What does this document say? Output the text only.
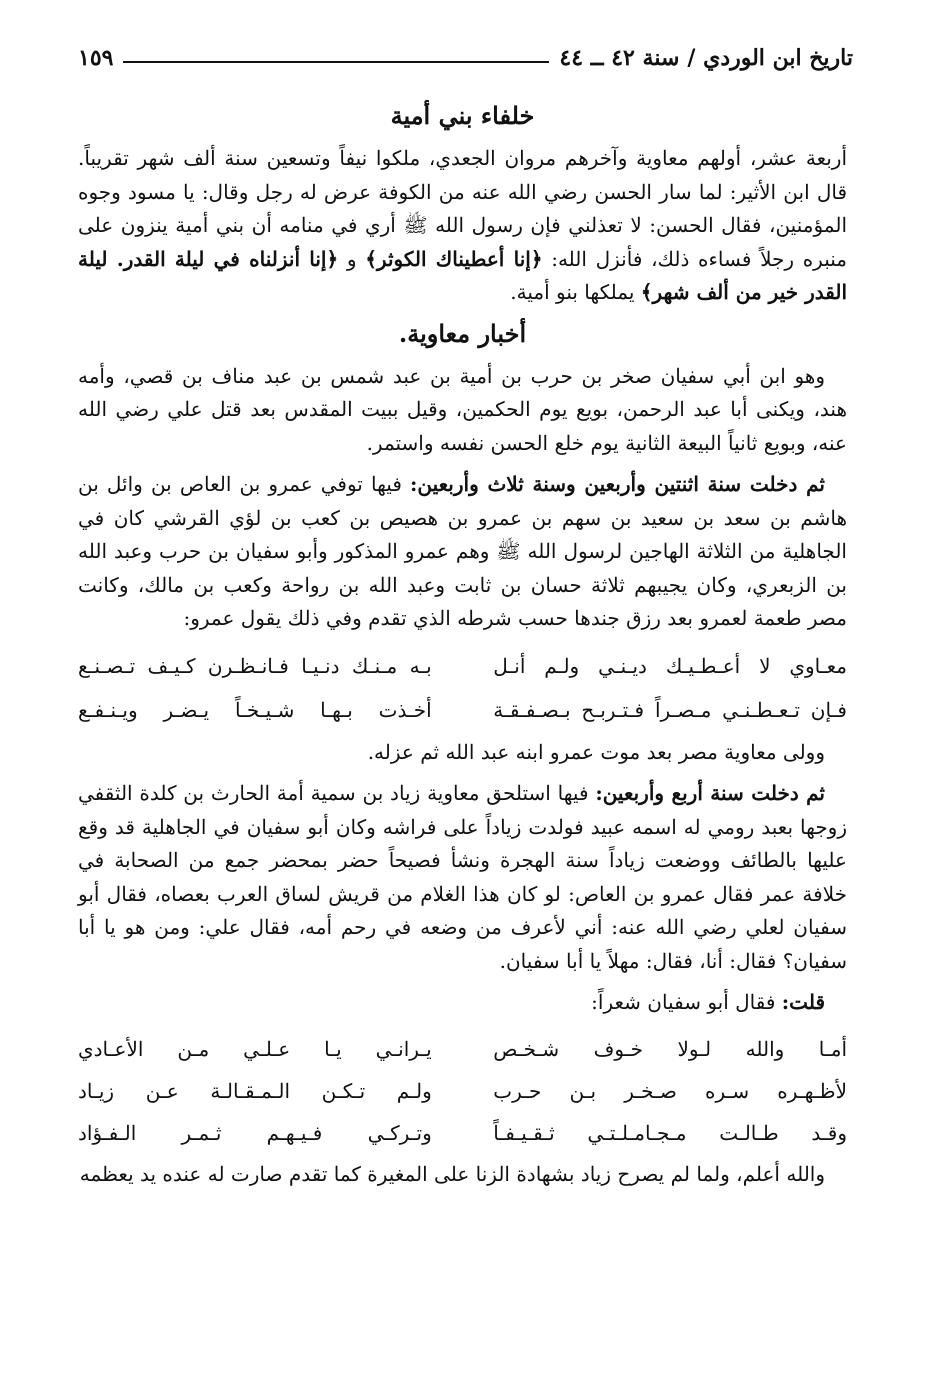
تاريخ ابن الوردي /
سنة ٤٢ ــ ٤٤
١٥٩
خلفاء بني أمية

أربعة عشر، أولهم معاوية وآخرهم مروان الجعدي، ملكوا نيفاً وتسعين سنة ألف شهر تقريباً. قال ابن الأثير: لما سار الحسن رضي الله عنه من الكوفة عرض له رجل وقال: يا مسود وجوه المؤمنين، فقال الحسن: لا تعذلني فإن رسول الله ﷺ أري في منامه أن بني أمية ينزون على منبره رجلاً فساءه ذلك، فأنزل الله: ﴿إنا أعطيناك الكوثر﴾ و ﴿إنا أنزلناه في ليلة القدر. ليلة القدر خير من ألف شهر﴾ يملكها بنو أمية.

أخبار معاوية.

وهو ابن أبي سفيان صخر بن حرب بن أمية بن عبد شمس بن عبد مناف بن قصي، وأمه هند، ويكنى أبا عبد الرحمن، بويع يوم الحكمين، وقيل ببيت المقدس بعد قتل علي رضي الله عنه، وبويع ثانياً البيعة الثانية يوم خلع الحسن نفسه واستمر.

ثم دخلت سنة اثنتين وأربعين وسنة ثلاث وأربعين: فيها توفي عمرو بن العاص بن وائل بن هاشم بن سعد بن سعيد بن سهم بن عمرو بن هصيص بن كعب بن لؤي القرشي كان في الجاهلية من الثلاثة الهاجين لرسول الله ﷺ وهم عمرو المذكور وأبو سفيان بن حرب وعبد الله بن الزبعري، وكان يجيبهم ثلاثة حسان بن ثابت وعبد الله بن رواحة وكعب بن مالك، وكانت مصر طعمة لعمرو بعد رزق جندها حسب شرطه الذي تقدم وفي ذلك يقول عمرو:

معـاوي لا أعـطـيـك ديـنـي ولـم أنـل
بـه مـنـك دنـيـا فـانـظـرن كـيـف تـصـنـع
فـإن تـعـطـنـي مـصـراً فـتـربـح بـصـفـقـة
أخـذت بـهـا شـيـخـاً يـضـر ويـنـفـع

وولى معاوية مصر بعد موت عمرو ابنه عبد الله ثم عزله.

ثم دخلت سنة أربع وأربعين: فيها استلحق معاوية زياد بن سمية أمة الحارث بن كلدة الثقفي زوجها بعبد رومي له اسمه عبيد فولدت زياداً على فراشه وكان أبو سفيان في الجاهلية قد وقع عليها بالطائف ووضعت زياداً سنة الهجرة ونشأ فصيحاً حضر بمحضر جمع من الصحابة في خلافة عمر فقال عمرو بن العاص: لو كان هذا الغلام من قريش لساق العرب بعصاه، فقال أبو سفيان لعلي رضي الله عنه: أني لأعرف من وضعه في رحم أمه، فقال علي: ومن هو يا أبا سفيان؟ فقال: أنا، فقال: مهلاً يا أبا سفيان.

قلت: فقال أبو سفيان شعراً:

أمـا والله لـولا خـوف شـخـص
يـرانـي يـا عـلـي مـن الأعـادي
لأظـهـره سـره صـخـر بـن حـرب
ولـم تـكـن الـمـقـالـة عـن زيـاد
وقـد طـالـت مـجـامـلـتـي ثـقـيـفـاً
وتـركـي فـيـهـم ثـمـر الـفـؤاد

والله أعلم، ولما لم يصرح زياد بشهادة الزنا على المغيرة كما تقدم صارت له عنده يد يعظمه
